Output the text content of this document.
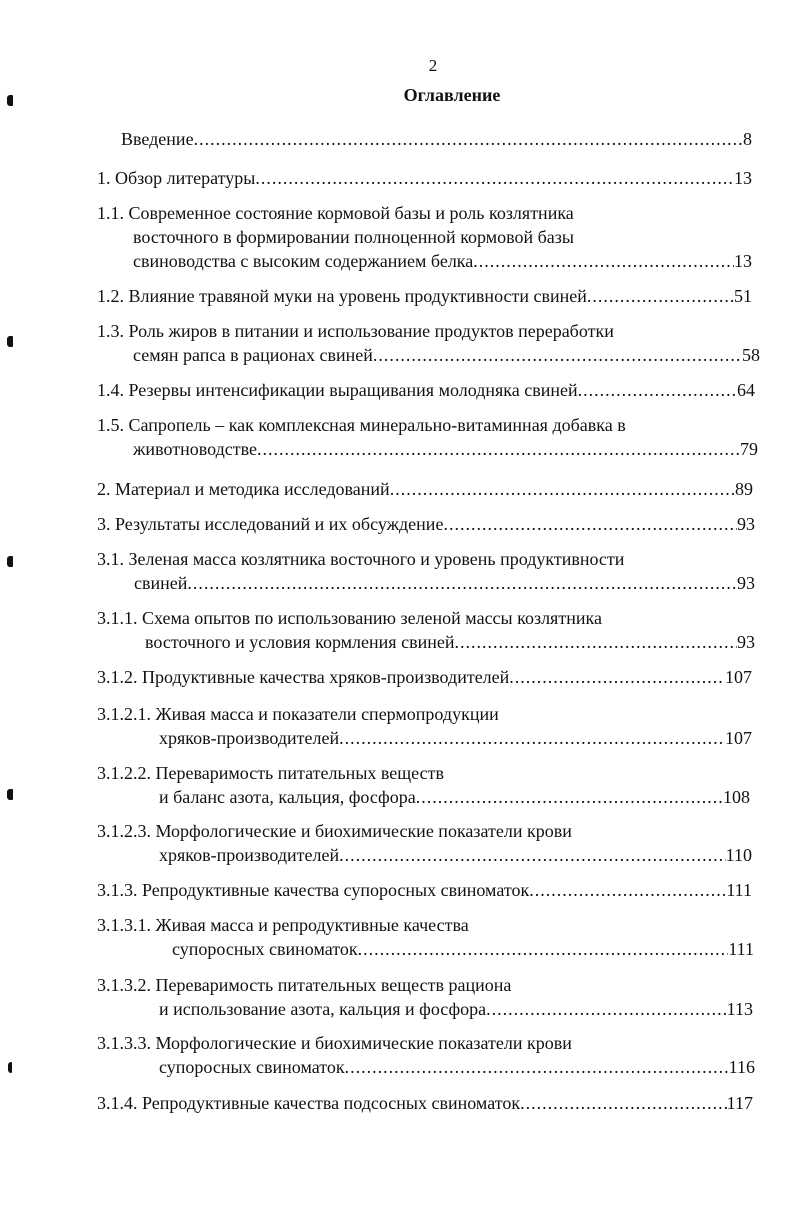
2
Оглавление
Введение .....	8
1. Обзор литературы .....	13
1.1. Современное состояние кормовой базы и роль козлятника
восточного в формировании полноценной кормовой базы
свиноводства с высоким содержанием белка .....	13
1.2. Влияние травяной муки на уровень продуктивности свиней .....	51
1.3. Роль жиров в питании и использование продуктов переработки
семян рапса в рационах свиней .....	58
1.4. Резервы интенсификации выращивания молодняка свиней .....	64
1.5. Сапропель – как комплексная минерально-витаминная добавка в
животноводстве .....	79
2. Материал и методика исследований .....	89
3. Результаты исследований и их обсуждение .....	93
3.1. Зеленая масса козлятника восточного и уровень продуктивности
свиней .....	93
3.1.1. Схема опытов по использованию зеленой массы козлятника
восточного и условия кормления свиней .....	93
3.1.2. Продуктивные качества хряков-производителей .....	107
3.1.2.1. Живая масса и показатели спермопродукции
хряков-производителей .....	107
3.1.2.2. Переваримость питательных веществ
и баланс азота, кальция, фосфора .....	108
3.1.2.3. Морфологические и биохимические показатели крови
хряков-производителей .....	110
3.1.3. Репродуктивные качества супоросных свиноматок .....	111
3.1.3.1. Живая масса и репродуктивные качества
супоросных свиноматок .....	111
3.1.3.2. Переваримость питательных веществ рациона
и использование азота, кальция и фосфора .....	113
3.1.3.3. Морфологические и биохимические показатели крови
супоросных свиноматок .....	116
3.1.4. Репродуктивные качества подсосных свиноматок .....	117
